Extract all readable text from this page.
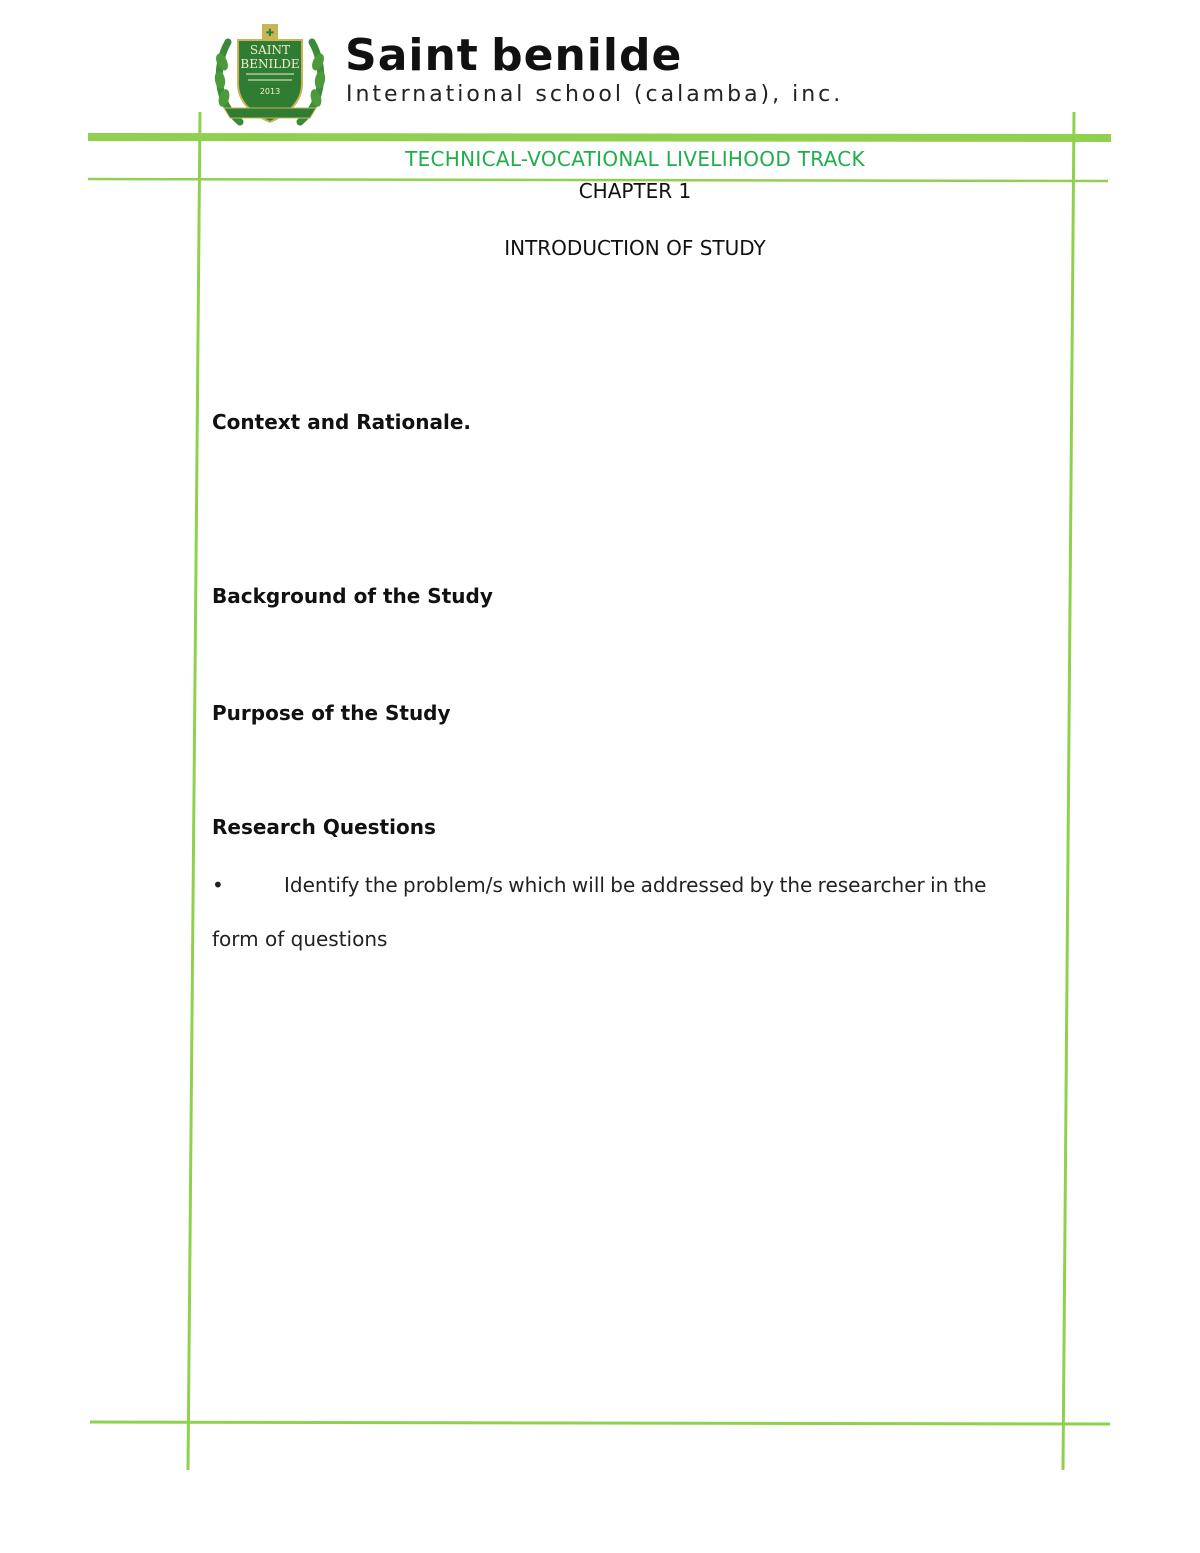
✚
SAINT
BENILDE
2013
Saint benilde
International school (calamba), inc.
TECHNICAL-VOCATIONAL LIVELIHOOD TRACK
CHAPTER 1
INTRODUCTION OF STUDY
Context and Rationale.
Background of the Study
Purpose of the Study
Research Questions
•	Identify the problem/s which will be addressed by the researcher in the
form of questions
